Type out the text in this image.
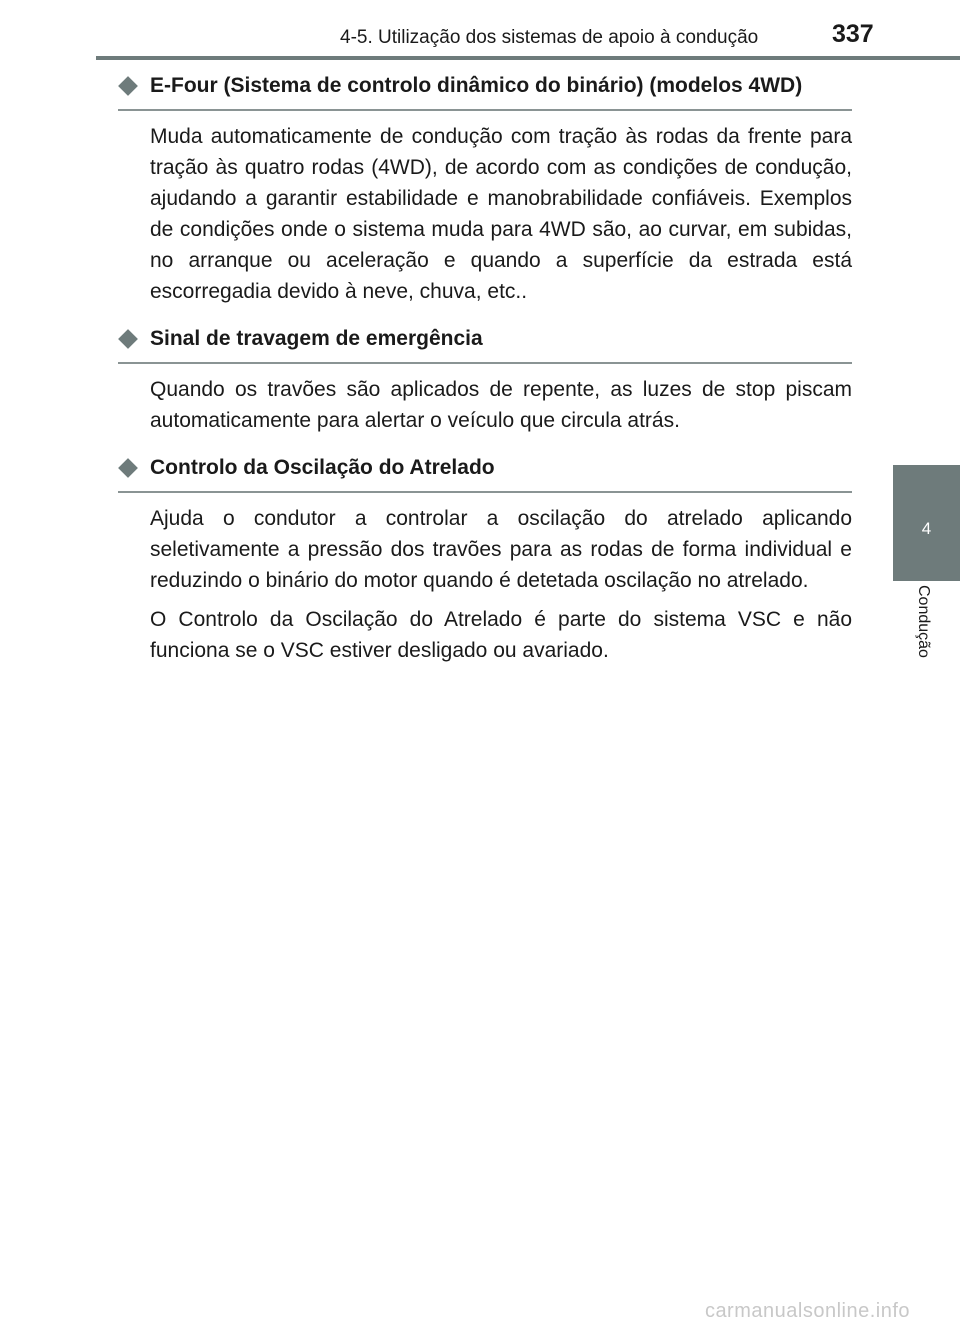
4-5. Utilização dos sistemas de apoio à condução	337
4
Condução
E-Four (Sistema de controlo dinâmico do binário) (modelos 4WD)

Muda automaticamente de condução com tração às rodas da frente para tração às quatro rodas (4WD), de acordo com as condições de condução, ajudando a garantir estabilidade e manobrabilidade confiáveis. Exemplos de condições onde o sistema muda para 4WD são, ao curvar, em subidas, no arranque ou aceleração e quando a superfície da estrada está escorregadia devido à neve, chuva, etc..

Sinal de travagem de emergência

Quando os travões são aplicados de repente, as luzes de stop piscam automaticamente para alertar o veículo que circula atrás.

Controlo da Oscilação do Atrelado

Ajuda o condutor a controlar a oscilação do atrelado aplicando seletivamente a pressão dos travões para as rodas de forma individual e reduzindo o binário do motor quando é detetada oscilação no atrelado.

O Controlo da Oscilação do Atrelado é parte do sistema VSC e não funciona se o VSC estiver desligado ou avariado.

carmanualsonline.info
